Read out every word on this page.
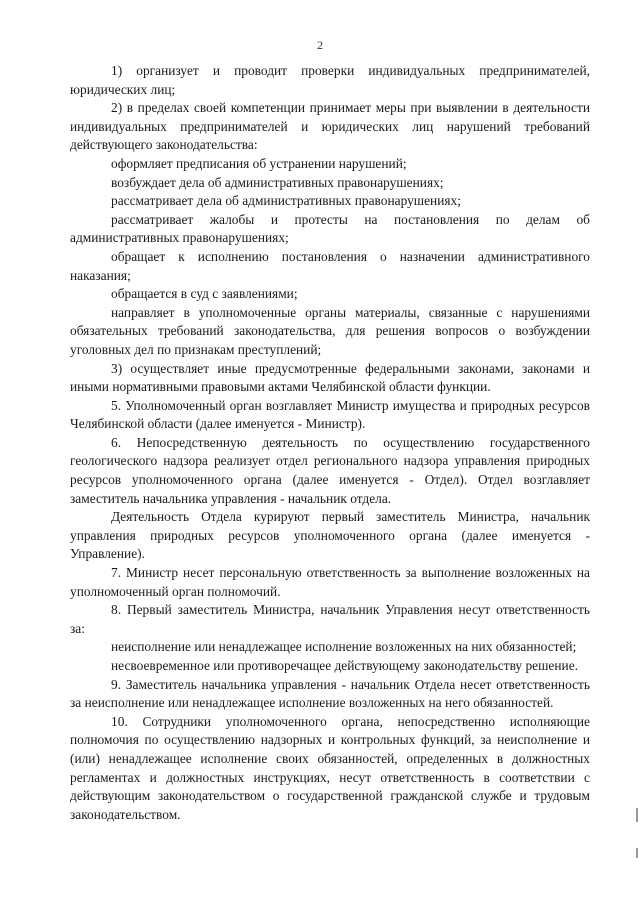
2

1) организует и проводит проверки индивидуальных предпринимателей, юридических лиц;

2) в пределах своей компетенции принимает меры при выявлении в деятельности индивидуальных предпринимателей и юридических лиц нарушений требований действующего законодательства:

оформляет предписания об устранении нарушений;

возбуждает дела об административных правонарушениях;

рассматривает дела об административных правонарушениях;

рассматривает жалобы и протесты на постановления по делам об административных правонарушениях;

обращает к исполнению постановления о назначении административного наказания;

обращается в суд с заявлениями;

направляет в уполномоченные органы материалы, связанные с нарушениями обязательных требований законодательства, для решения вопросов о возбуждении уголовных дел по признакам преступлений;

3) осуществляет иные предусмотренные федеральными законами, законами и иными нормативными правовыми актами Челябинской области функции.

5. Уполномоченный орган возглавляет Министр имущества и природных ресурсов Челябинской области (далее именуется - Министр).

6. Непосредственную деятельность по осуществлению государственного геологического надзора реализует отдел регионального надзора управления природных ресурсов уполномоченного органа (далее именуется - Отдел). Отдел возглавляет заместитель начальника управления - начальник отдела.

Деятельность Отдела курируют первый заместитель Министра, начальник управления природных ресурсов уполномоченного органа (далее именуется - Управление).

7. Министр несет персональную ответственность за выполнение возложенных на уполномоченный орган полномочий.

8. Первый заместитель Министра, начальник Управления несут ответственность за:

неисполнение или ненадлежащее исполнение возложенных на них обязанностей;

несвоевременное или противоречащее действующему законодательству решение.

9. Заместитель начальника управления - начальник Отдела несет ответственность за неисполнение или ненадлежащее исполнение возложенных на него обязанностей.

10. Сотрудники уполномоченного органа, непосредственно исполняющие полномочия по осуществлению надзорных и контрольных функций, за неисполнение и (или) ненадлежащее исполнение своих обязанностей, определенных в должностных регламентах и должностных инструкциях, несут ответственность в соответствии с действующим законодательством о государственной гражданской службе и трудовым законодательством.
